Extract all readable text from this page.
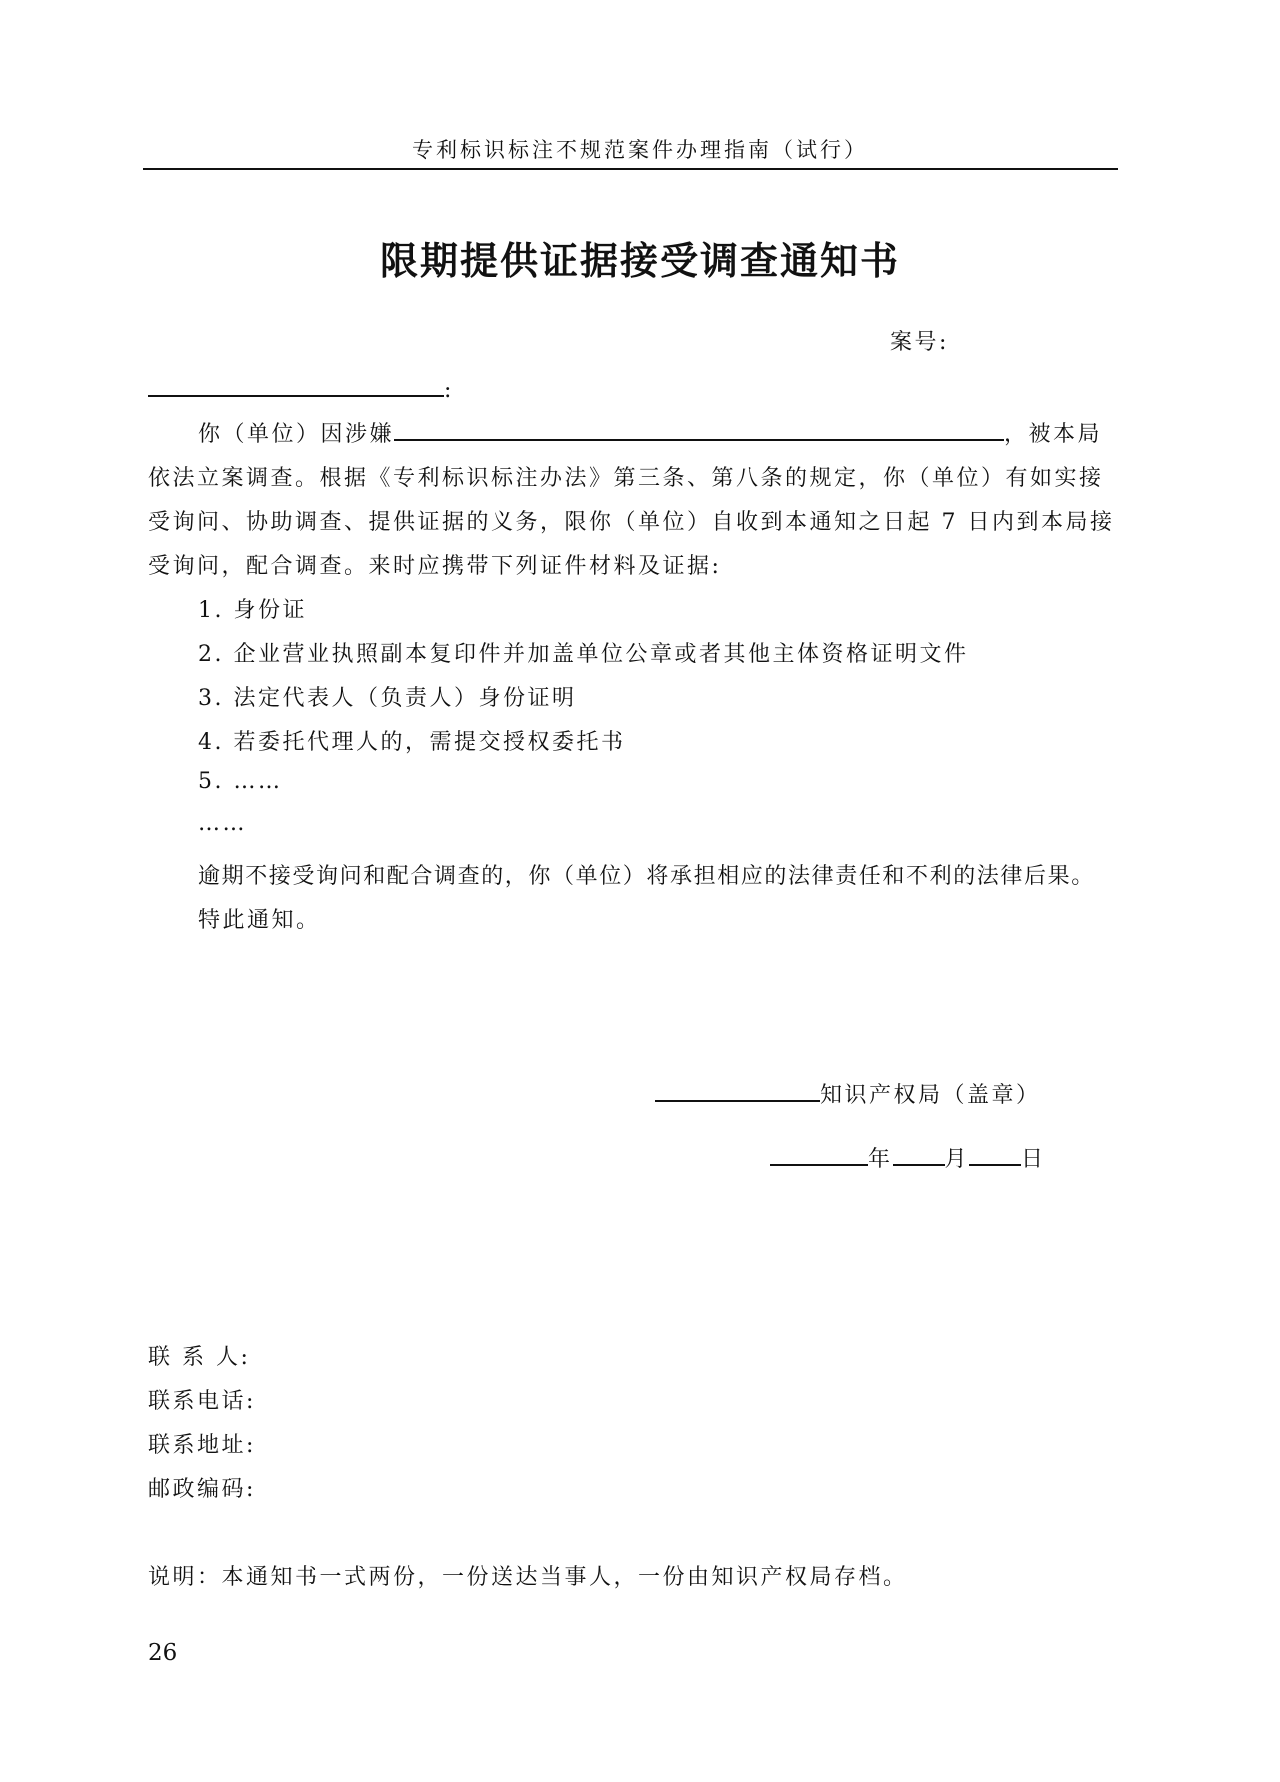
专利标识标注不规范案件办理指南（试行）
限期提供证据接受调查通知书
案号:
:
你（单位）因涉嫌	，被本局
依法立案调查。根据《专利标识标注办法》第三条、第八条的规定，你（单位）有如实接
受询问、协助调查、提供证据的义务，限你（单位）自收到本通知之日起 7 日内到本局接
受询问，配合调查。来时应携带下列证件材料及证据:
1. 身份证
2. 企业营业执照副本复印件并加盖单位公章或者其他主体资格证明文件
3. 法定代表人（负责人）身份证明
4. 若委托代理人的，需提交授权委托书
5. ……
……
逾期不接受询问和配合调查的，你（单位）将承担相应的法律责任和不利的法律后果。
特此通知。
知识产权局（盖章）
年 月 日
联 系 人:
联系电话:
联系地址:
邮政编码:
说明：本通知书一式两份，一份送达当事人，一份由知识产权局存档。
26
